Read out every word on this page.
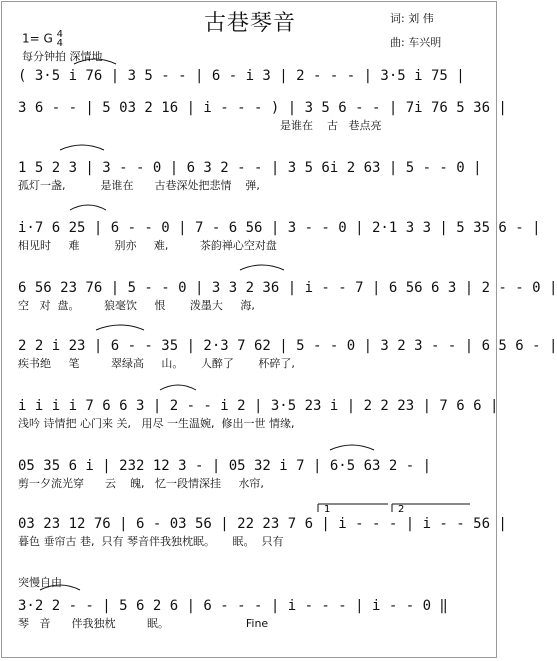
古巷琴音	词: 刘 伟
曲: 车兴明
1= G 4
4
每分钟拍 深情地
( 3·5 i 76 | 3 5 - - | 6 - i 3 | 2 - - - | 3·5 i 75 |
3 6 - - | 5 03 2 16 | i - - - ) | 3 5 6 - - | 7i 76 5 36 |
是谁在    古   巷点亮
1 5 2 3 | 3 - - 0 | 6 3 2 - - | 3 5 6i 2 63 | 5 - - 0 |
孤灯一盏,          是谁在      古巷深处把悲情    弹,
i·7 6 25 | 6 - - 0 | 7 - 6 56 | 3 - - 0 | 2·1 3 3 | 5 35 6 - |
相见时     难          别亦     难,         茶韵禅心空对盘
6 56 23 76 | 5 - - 0 | 3 3 2 36 | i - - 7 | 6 56 6 3 | 2 - - 0 |
空   对  盘。       狼毫饮     恨       泼墨大     海,
2 2 i 23 | 6 - - 35 | 2·3 7 62 | 5 - - 0 | 3 2 3 - - | 6 5 6 - |
疾书绝     笔         翠绿高     山。     人醉了       杯碎了,
i i i i 7 6 6 3 | 2 - - i 2 | 3·5 23 i | 2 2 23 | 7 6 6 |
浅吟 诗情把 心门来 关,   用尽 一生温婉,  修出一世 情缘,
05 35 6 i | 232 12 3 - | 05 32 i 7 | 6·5 63 2 - |
剪一夕流光穿      云    魄,   忆一段情深挂     水帘,
03 23 12 76 | 6 - 03 56 | 22 23 7 6 | i - - - | i - - 56 |
暮色 垂帘古 巷,  只有 琴音伴我独枕眠。     眠。  只有
突慢自由
3·2 2 - - | 5 6 2 6 | 6 - - - | i - - - | i - - 0 ‖
琴   音      伴我独枕         眠。                      Fine
1	2
